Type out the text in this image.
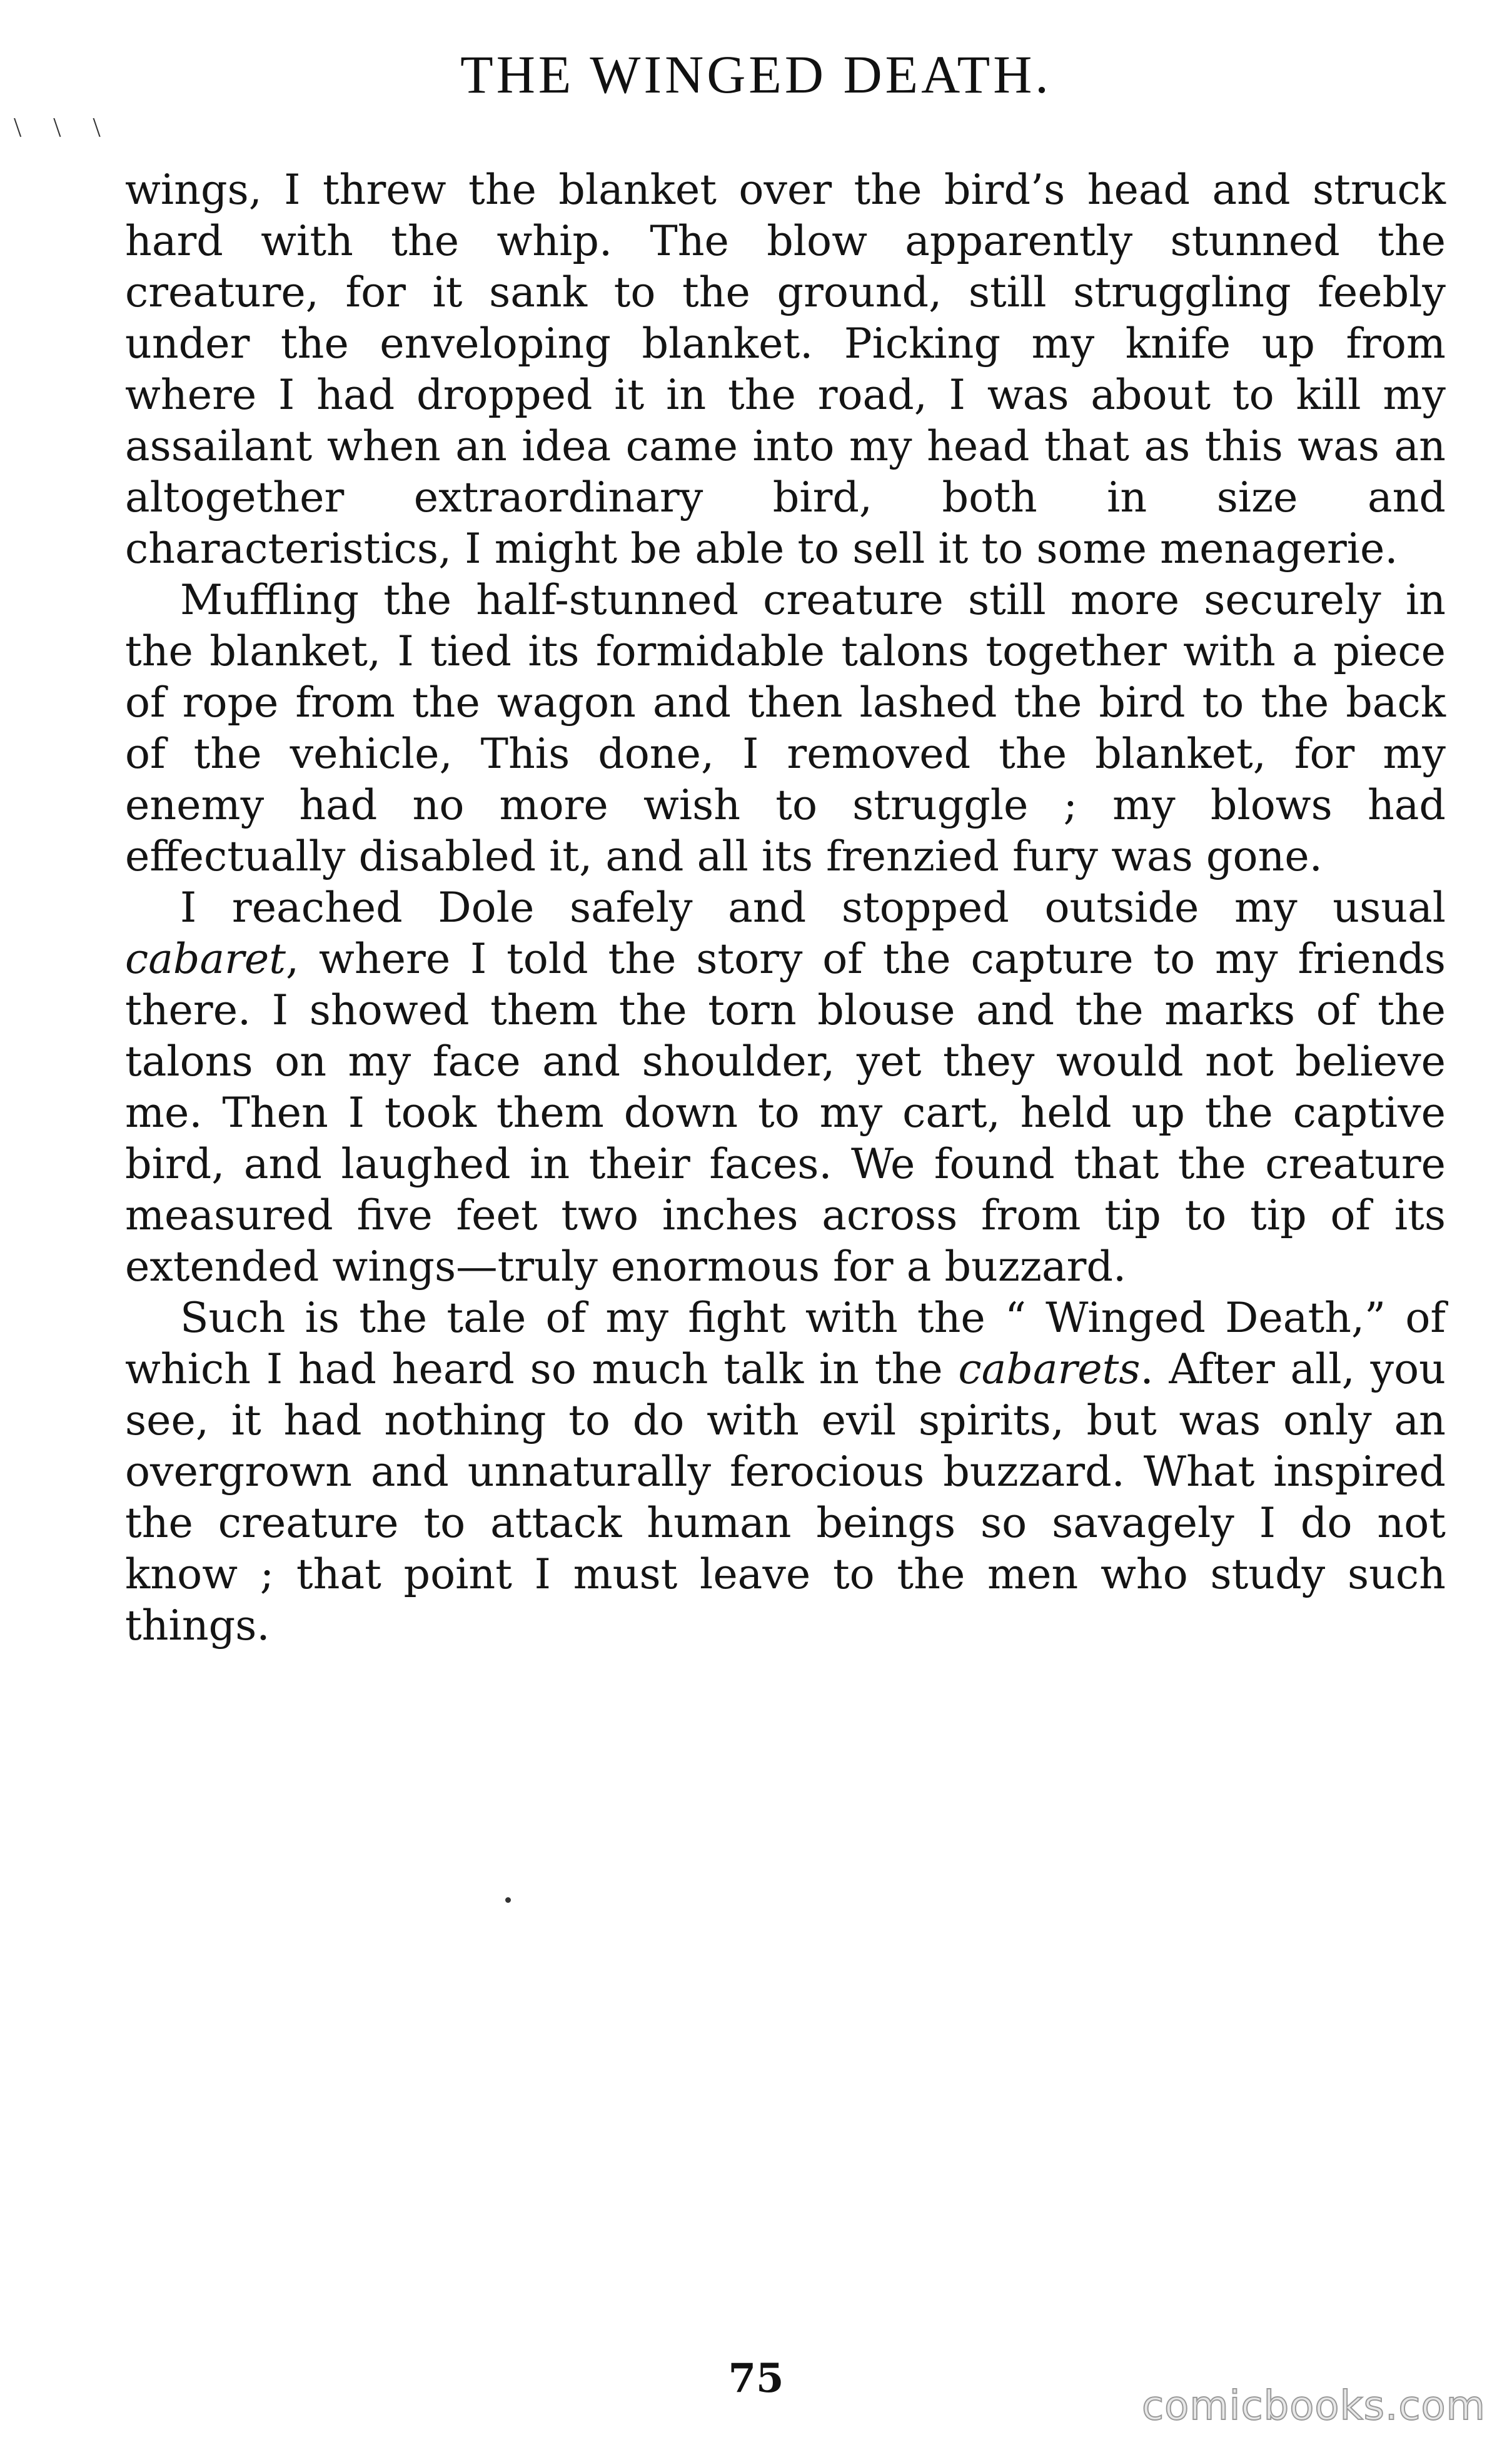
\ \ \
THE WINGED DEATH.

wings, I threw the blanket over the bird’s head and struck hard with the whip. The blow apparently stunned the creature, for it sank to the ground, still struggling feebly under the enveloping blanket. Picking my knife up from where I had dropped it in the road, I was about to kill my assailant when an idea came into my head that as this was an altogether extraordinary bird, both in size and characteristics, I might be able to sell it to some menagerie.

Muffling the half-stunned creature still more securely in the blanket, I tied its formidable talons together with a piece of rope from the wagon and then lashed the bird to the back of the vehicle, This done, I removed the blanket, for my enemy had no more wish to struggle ; my blows had effectually disabled it, and all its frenzied fury was gone.

I reached Dole safely and stopped outside my usual cabaret, where I told the story of the capture to my friends there. I showed them the torn blouse and the marks of the talons on my face and shoulder, yet they would not believe me. Then I took them down to my cart, held up the captive bird, and laughed in their faces. We found that the creature measured five feet two inches across from tip to tip of its extended wings—truly enormous for a buzzard.

Such is the tale of my fight with the “ Winged Death,” of which I had heard so much talk in the cabarets. After all, you see, it had nothing to do with evil spirits, but was only an overgrown and unnaturally ferocious buzzard. What inspired the creature to attack human beings so savagely I do not know ; that point I must leave to the men who study such things.

75
comicbooks.com
